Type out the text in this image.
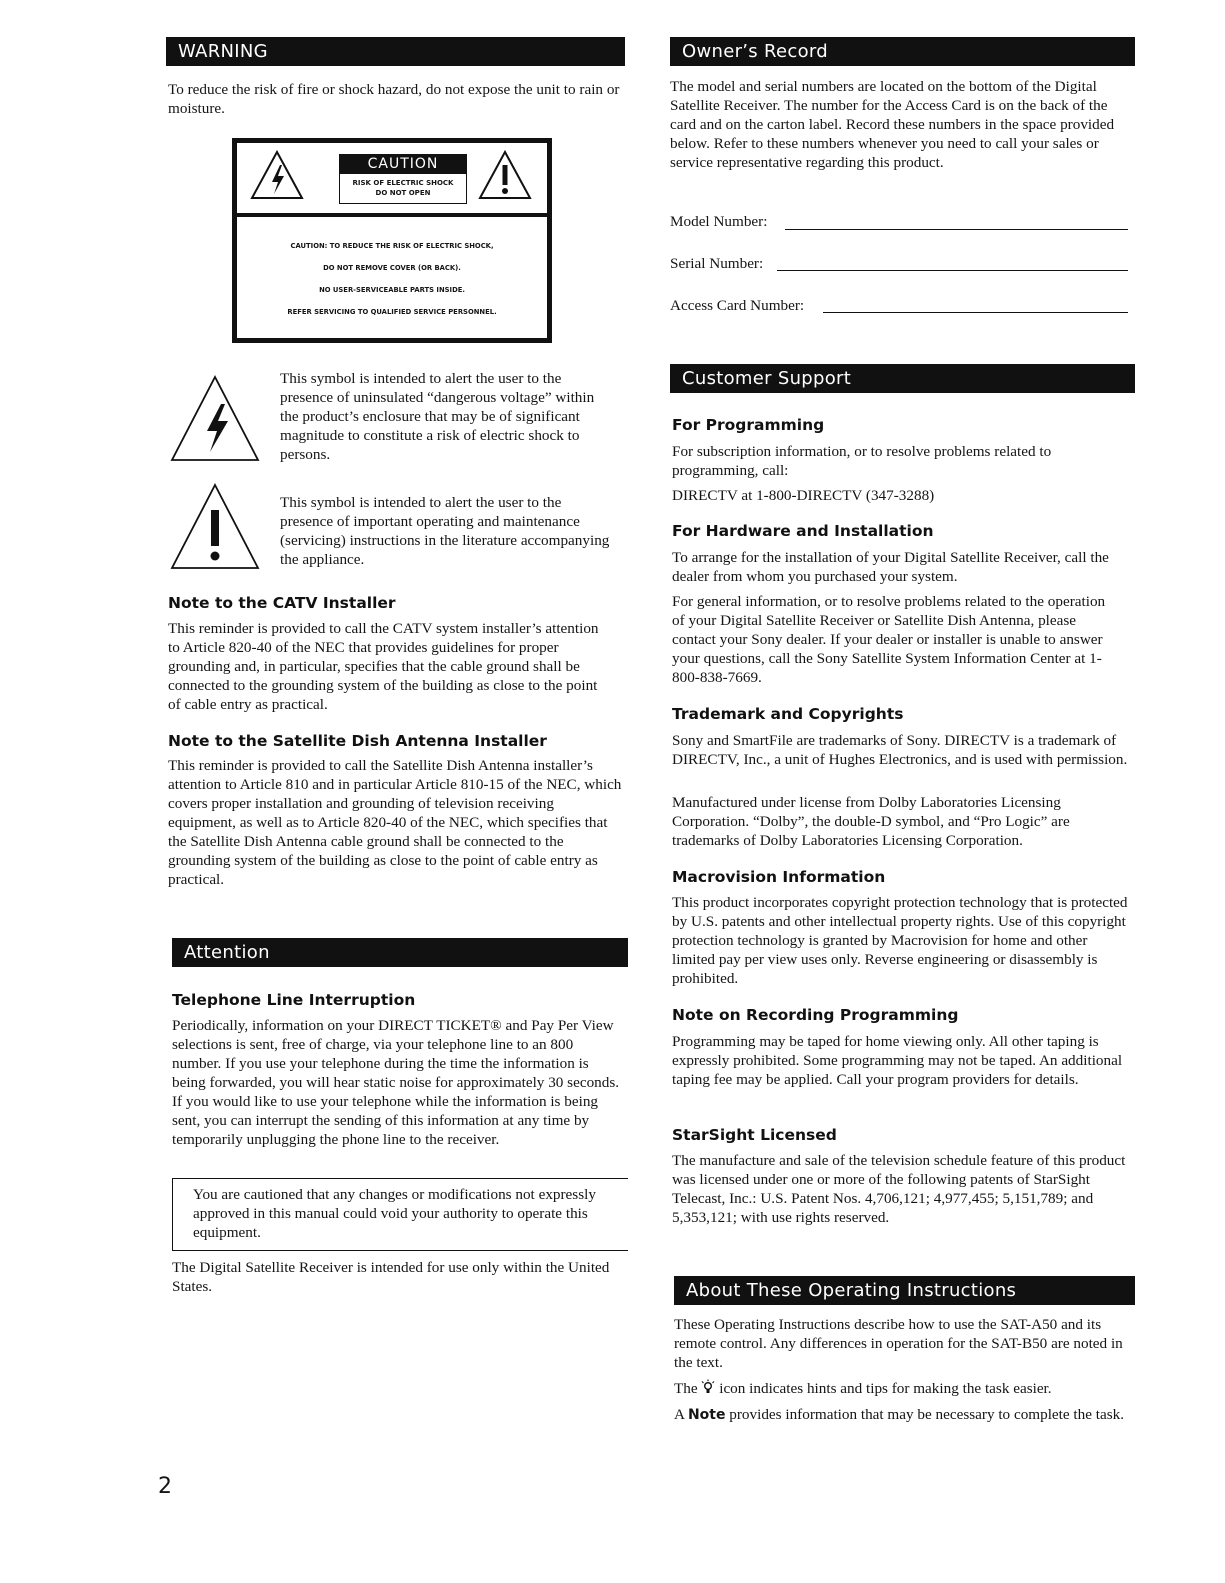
WARNING
To reduce the risk of fire or shock hazard, do not expose the unit to rain or moisture.
CAUTION
RISK OF ELECTRIC SHOCK
DO NOT OPEN
CAUTION: TO REDUCE THE RISK OF ELECTRIC SHOCK,
DO NOT REMOVE COVER (OR BACK).
NO USER-SERVICEABLE PARTS INSIDE.
REFER SERVICING TO QUALIFIED SERVICE PERSONNEL.
This symbol is intended to alert the user to the presence of uninsulated “dangerous voltage” within the product’s enclosure that may be of significant magnitude to constitute a risk of electric shock to persons.
This symbol is intended to alert the user to the presence of important operating and maintenance (servicing) instructions in the literature accompanying the appliance.
Note to the CATV Installer
This reminder is provided to call the CATV system installer’s attention to Article 820-40 of the NEC that provides guidelines for proper grounding and, in particular, specifies that the cable ground shall be connected to the grounding system of the building as close to the point of cable entry as practical.
Note to the Satellite Dish Antenna Installer
This reminder is provided to call the Satellite Dish Antenna installer’s attention to Article 810 and in particular Article 810-15 of the NEC, which covers proper installation and grounding of television receiving equipment, as well as to Article 820-40 of the NEC, which specifies that the Satellite Dish Antenna cable ground shall be connected to the grounding system of the building as close to the point of cable entry as practical.
Attention
Telephone Line Interruption
Periodically, information on your DIRECT TICKET® and Pay Per View selections is sent, free of charge, via your telephone line to an 800 number. If you use your telephone during the time the information is being forwarded, you will hear static noise for approximately 30 seconds. If you would like to use your telephone while the information is being sent, you can interrupt the sending of this information at any time by temporarily unplugging the phone line to the receiver.
You are cautioned that any changes or modifications not expressly approved in this manual could void your authority to operate this equipment.
The Digital Satellite Receiver is intended for use only within the United States.
2
Owner’s Record
The model and serial numbers are located on the bottom of the Digital Satellite Receiver. The number for the Access Card is on the back of the card and on the carton label. Record these numbers in the space provided below. Refer to these numbers whenever you need to call your sales or service representative regarding this product.
Model Number:
Serial Number:
Access Card Number:
Customer Support
For Programming
For subscription information, or to resolve problems related to programming, call:
DIRECTV at 1-800-DIRECTV (347-3288)
For Hardware and Installation
To arrange for the installation of your Digital Satellite Receiver, call the dealer from whom you purchased your system.
For general information, or to resolve problems related to the operation of your Digital Satellite Receiver or Satellite Dish Antenna, please contact your Sony dealer. If your dealer or installer is unable to answer your questions, call the Sony Satellite System Information Center at 1-800-838-7669.
Trademark and Copyrights
Sony and SmartFile are trademarks of Sony. DIRECTV is a trademark of DIRECTV, Inc., a unit of Hughes Electronics, and is used with permission.
Manufactured under license from Dolby Laboratories Licensing Corporation. “Dolby”, the double-D symbol, and “Pro Logic” are trademarks of Dolby Laboratories Licensing Corporation.
Macrovision Information
This product incorporates copyright protection technology that is protected by U.S. patents and other intellectual property rights. Use of this copyright protection technology is granted by Macrovision for home and other limited pay per view uses only. Reverse engineering or disassembly is prohibited.
Note on Recording Programming
Programming may be taped for home viewing only. All other taping is expressly prohibited. Some programming may not be taped. An additional taping fee may be applied. Call your program providers for details.
StarSight Licensed
The manufacture and sale of the television schedule feature of this product was licensed under one or more of the following patents of StarSight Telecast, Inc.: U.S. Patent Nos. 4,706,121; 4,977,455; 5,151,789; and 5,353,121; with use rights reserved.
About These Operating Instructions
These Operating Instructions describe how to use the SAT-A50 and its remote control. Any differences in operation for the SAT-B50 are noted in the text.
The icon indicates hints and tips for making the task easier.
A Note provides information that may be necessary to complete the task.
